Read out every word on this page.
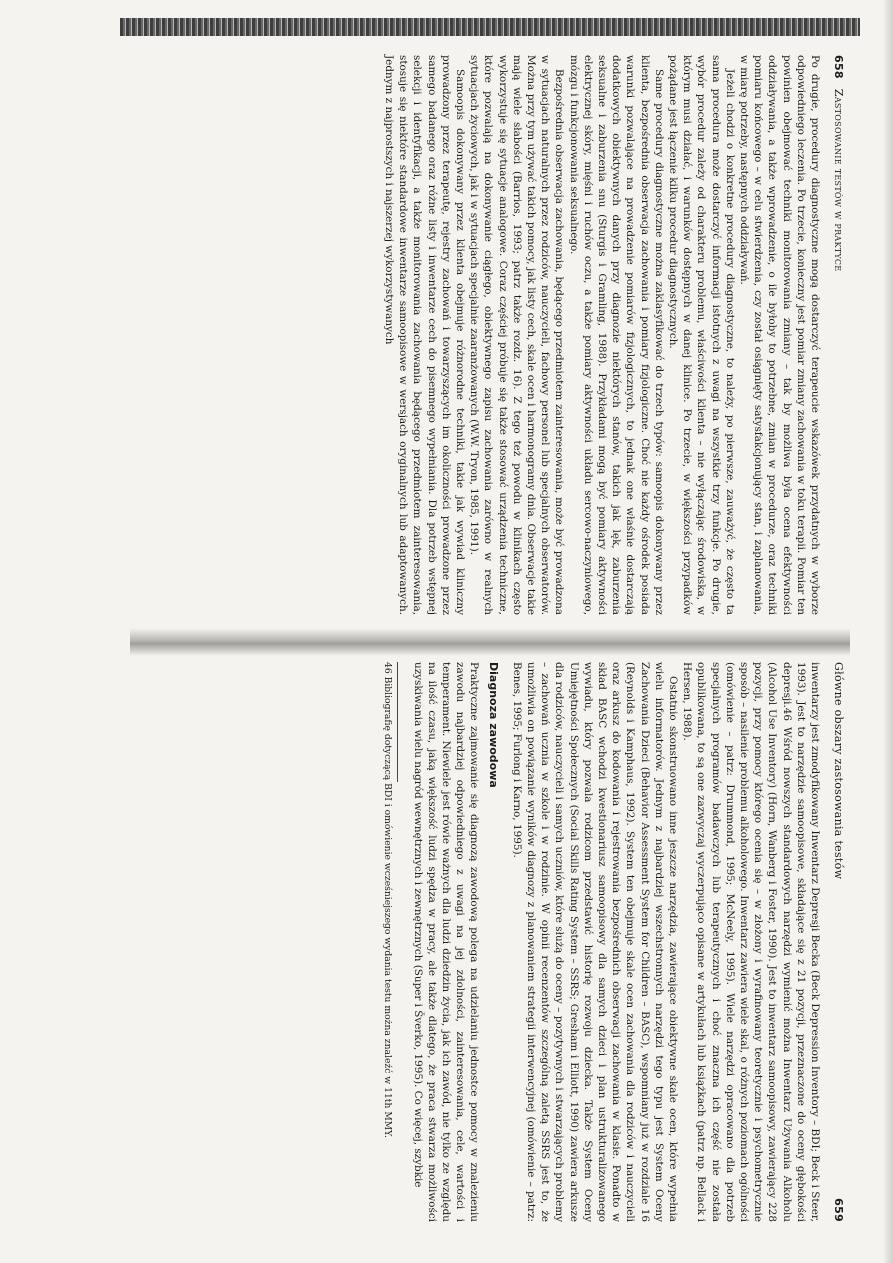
658
Zastosowanie testów w praktyce

Po drugie, procedury diagnostyczne mogą dostarczyć terapeucie wskazówek przydatnych w wyborze odpowiedniego leczenia. Po trzecie, konieczny jest pomiar zmiany zachowania w toku terapii. Pomiar ten powinien obejmować techniki monitorowania zmiany – tak by możliwa była ocena efektywności oddziaływania, a także wprowadzenie, o ile byłoby to potrzebne, zmian w procedurze, oraz techniki pomiaru końcowego – w celu stwierdzenia, czy został osiągnięty satysfakcjonujący stan, i zaplanowania, w miarę potrzeby, następnych oddziaływań.

Jeżeli chodzi o konkretne procedury diagnostyczne, to należy, po pierwsze, zauważyć, że często ta sama procedura może dostarczyć informacji istotnych z uwagi na wszystkie trzy funkcje. Po drugie, wybór procedur zależy od charakteru problemu, właściwości klienta – nie wyłączając środowiska, w którym musi działać, i warunków dostępnych w danej klinice. Po trzecie, w większości przypadków pożądane jest łączenie kilku procedur diagnostycznych.

Same procedury diagnostyczne można zaklasyfikować do trzech typów: samoopis dokonywany przez klienta, bezpośrednia obserwacja zachowania i pomiary fizjologiczne. Choć nie każdy ośrodek posiada warunki pozwalające na prowadzenie pomiarów fizjologicznych, to jednak one właśnie dostarczają dodatkowych obiektywnych danych przy diagnozie niektórych stanów, takich jak lęk, zaburzenia seksualne i zaburzenia snu (Sturgis i Gramling, 1988). Przykładami mogą być pomiary aktywności elektrycznej skóry, mięśni i ruchów oczu, a także pomiary aktywności układu sercowo-naczyniowego, mózgu i funkcjonowania seksualnego.

Bezpośrednia obserwacja zachowania, będącego przedmiotem zainteresowania, może być prowadzona w sytuacjach naturalnych przez rodziców, nauczycieli, fachowy personel lub specjalnych obserwatorów. Można przy tym używać takich pomocy, jak listy cech, skale ocen i harmonogramy dnia. Obserwacje takie mają wiele słabości (Barrios, 1993; patrz także rozdz. 16). Z tego też powodu w klinikach często wykorzystuje się sytuacje analogowe. Coraz częściej próbuje się także stosować urządzenia techniczne, które pozwalają na dokonywanie ciągłego, obiektywnego zapisu zachowania zarówno w realnych sytuacjach życiowych, jak i w sytuacjach specjalnie zaaranżowanych (W.W. Tryon, 1985, 1991).

Samoopis dokonywany przez klienta obejmuje różnorodne techniki, takie jak wywiad kliniczny prowadzony przez terapeutę, rejestry zachowań i towarzyszących im okoliczności prowadzone przez samego badanego oraz różne listy i inwentarze cech do pisemnego wypełniania. Dla potrzeb wstępnej selekcji i identyfikacji, a także monitorowania zachowania będącego przedmiotem zainteresowania, stosuje się niektóre standardowe inwentarze samoopisowe w wersjach oryginalnych lub adaptowanych. Jednym z najprostszych i najszerzej wykorzystywanych

Główne obszary zastosowania testów
659

inwentarzy jest zmodyfikowany Inwentarz Depresji Becka (Beck Depression Inventory – BDI; Beck i Steer, 1993). Jest to narzędzie samoopisowe, składające się z 21 pozycji, przeznaczone do oceny głębokości depresji.46 Wśród nowszych standardowych narzędzi wymienić można Inwentarz Używania Alkoholu (Alcohol Use Inventory) (Horn, Wanberg i Foster, 1990). Jest to inwentarz samoopisowy, zawierający 228 pozycji, przy pomocy którego ocenia się – w złożony i wyrafinowany teoretycznie i psychometrycznie sposób – nasilenie problemu alkoholowego. Inwentarz zawiera wiele skal, o różnych poziomach ogólności (omówienie – patrz: Drummond, 1995; McNeely, 1995). Wiele narzędzi opracowano dla potrzeb specjalnych programów badawczych lub terapeutycznych i choć znaczna ich część nie została opublikowana, to są one zazwyczaj wyczerpująco opisane w artykułach lub książkach (patrz np. Bellack i Hersen, 1988).

Ostatnio skonstruowano inne jeszcze narzędzia, zawierające obiektywne skale ocen, które wypełnia wielu informatorów. Jednym z najbardziej wszechstronnych narzędzi tego typu jest System Oceny Zachowania Dzieci (Behavior Assessment System for Children – BASC), wspomniany już w rozdziale 16 (Reynolds i Kamphaus, 1992). System ten obejmuje skale ocen zachowania dla rodziców i nauczycieli oraz arkusz do kodowania i rejestrowania bezpośrednich obserwacji zachowania w klasie. Ponadto w skład BASC wchodzi kwestionariusz samoopisowy dla samych dzieci i plan ustrukturalizowanego wywiadu, który pozwala rodzicom przedstawić historię rozwoju dziecka. Także System Oceny Umiejętności Społecznych (Social Skills Rating System – SSRS; Gresham i Elliott, 1990) zawiera arkusze dla rodziców, nauczycieli i samych uczniów, które służą do oceny – pozytywnych i stwarzających problemy – zachowań ucznia w szkole i w rodzinie. W opinii recenzentów szczególną zaletą SSRS jest to, że umożliwia on powiązanie wyników diagnozy z planowaniem strategii interwencyjnej (omówienie – patrz: Benes, 1995; Furlong i Karno, 1995).

Diagnoza zawodowa

Praktyczne zajmowanie się diagnozą zawodową polega na udzielaniu jednostce pomocy w znalezieniu zawodu najbardziej odpowiedniego z uwagi na jej zdolności, zainteresowania, cele, wartości i temperament. Niewiele jest rówie ważnych dla ludzi dziedzin życia, jak ich zawód, nie tylko ze względu na ilość czasu, jaką większość ludzi spędza w pracy, ale także dlatego, że praca stwarza możliwości uzyskiwania wielu nagród wewnętrznych i zewnętrznych (Super i Šverko, 1995). Co więcej, szybkie

46 Bibliografię dotyczącą BDI i omówienie wcześniejszego wydania testu można znaleźć w 11th MMY.
